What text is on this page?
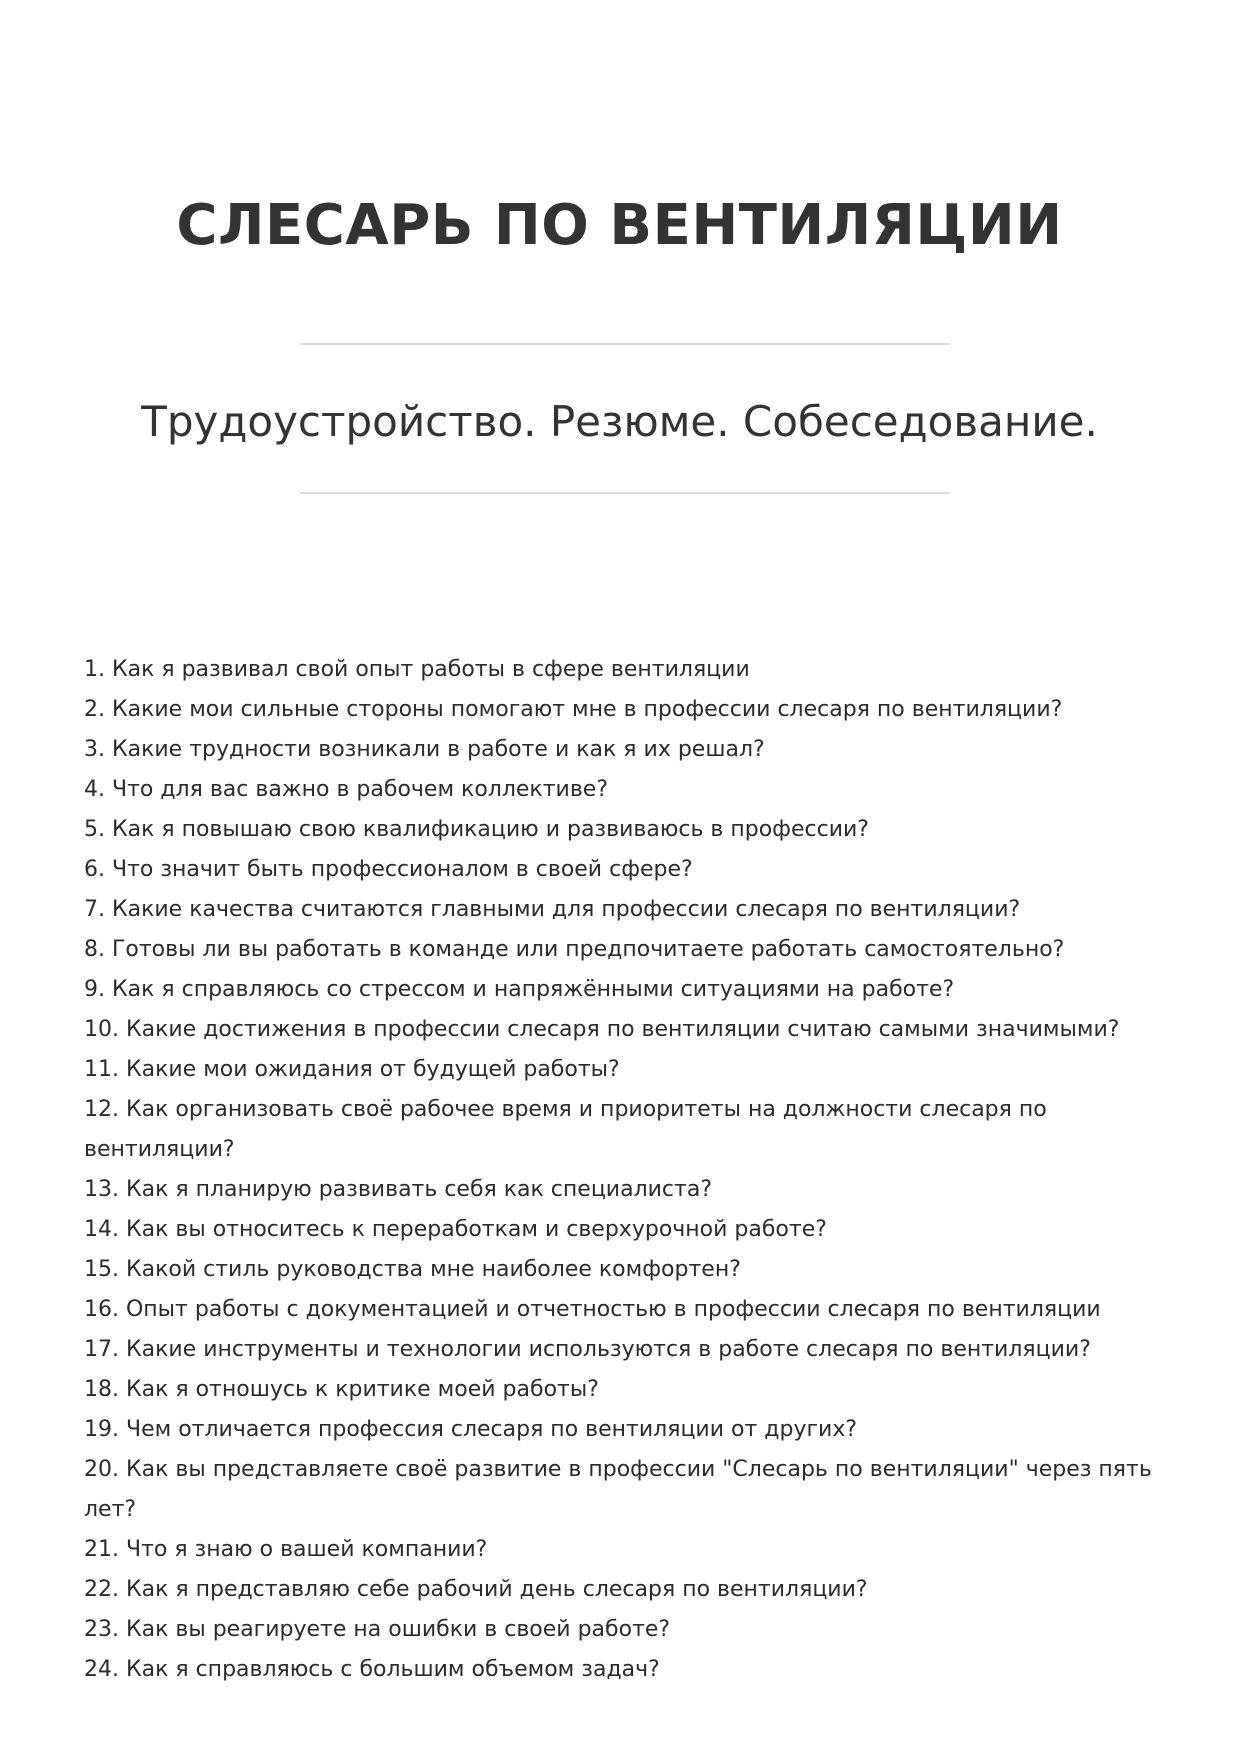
СЛЕСАРЬ ПО ВЕНТИЛЯЦИИ
Трудоустройство. Резюме. Собеседование.
1. Как я развивал свой опыт работы в сфере вентиляции
2. Какие мои сильные стороны помогают мне в профессии слесаря по вентиляции?
3. Какие трудности возникали в работе и как я их решал?
4. Что для вас важно в рабочем коллективе?
5. Как я повышаю свою квалификацию и развиваюсь в профессии?
6. Что значит быть профессионалом в своей сфере?
7. Какие качества считаются главными для профессии слесаря по вентиляции?
8. Готовы ли вы работать в команде или предпочитаете работать самостоятельно?
9. Как я справляюсь со стрессом и напряжёнными ситуациями на работе?
10. Какие достижения в профессии слесаря по вентиляции считаю самыми значимыми?
11. Какие мои ожидания от будущей работы?
12. Как организовать своё рабочее время и приоритеты на должности слесаря по вентиляции?
13. Как я планирую развивать себя как специалиста?
14. Как вы относитесь к переработкам и сверхурочной работе?
15. Какой стиль руководства мне наиболее комфортен?
16. Опыт работы с документацией и отчетностью в профессии слесаря по вентиляции
17. Какие инструменты и технологии используются в работе слесаря по вентиляции?
18. Как я отношусь к критике моей работы?
19. Чем отличается профессия слесаря по вентиляции от других?
20. Как вы представляете своё развитие в профессии "Слесарь по вентиляции" через пять лет?
21. Что я знаю о вашей компании?
22. Как я представляю себе рабочий день слесаря по вентиляции?
23. Как вы реагируете на ошибки в своей работе?
24. Как я справляюсь с большим объемом задач?
